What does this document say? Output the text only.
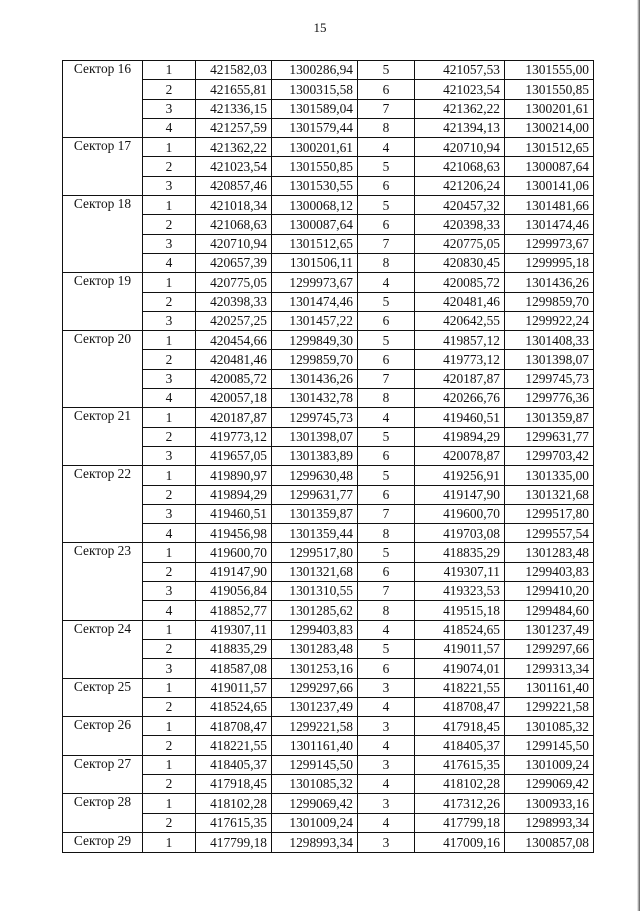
15
Сектор 16	1	421582,03	1300286,94	5	421057,53	1301555,00
	2	421655,81	1300315,58	6	421023,54	1301550,85
	3	421336,15	1301589,04	7	421362,22	1300201,61
	4	421257,59	1301579,44	8	421394,13	1300214,00
Сектор 17	1	421362,22	1300201,61	4	420710,94	1301512,65
	2	421023,54	1301550,85	5	421068,63	1300087,64
	3	420857,46	1301530,55	6	421206,24	1300141,06
Сектор 18	1	421018,34	1300068,12	5	420457,32	1301481,66
	2	421068,63	1300087,64	6	420398,33	1301474,46
	3	420710,94	1301512,65	7	420775,05	1299973,67
	4	420657,39	1301506,11	8	420830,45	1299995,18
Сектор 19	1	420775,05	1299973,67	4	420085,72	1301436,26
	2	420398,33	1301474,46	5	420481,46	1299859,70
	3	420257,25	1301457,22	6	420642,55	1299922,24
Сектор 20	1	420454,66	1299849,30	5	419857,12	1301408,33
	2	420481,46	1299859,70	6	419773,12	1301398,07
	3	420085,72	1301436,26	7	420187,87	1299745,73
	4	420057,18	1301432,78	8	420266,76	1299776,36
Сектор 21	1	420187,87	1299745,73	4	419460,51	1301359,87
	2	419773,12	1301398,07	5	419894,29	1299631,77
	3	419657,05	1301383,89	6	420078,87	1299703,42
Сектор 22	1	419890,97	1299630,48	5	419256,91	1301335,00
	2	419894,29	1299631,77	6	419147,90	1301321,68
	3	419460,51	1301359,87	7	419600,70	1299517,80
	4	419456,98	1301359,44	8	419703,08	1299557,54
Сектор 23	1	419600,70	1299517,80	5	418835,29	1301283,48
	2	419147,90	1301321,68	6	419307,11	1299403,83
	3	419056,84	1301310,55	7	419323,53	1299410,20
	4	418852,77	1301285,62	8	419515,18	1299484,60
Сектор 24	1	419307,11	1299403,83	4	418524,65	1301237,49
	2	418835,29	1301283,48	5	419011,57	1299297,66
	3	418587,08	1301253,16	6	419074,01	1299313,34
Сектор 25	1	419011,57	1299297,66	3	418221,55	1301161,40
	2	418524,65	1301237,49	4	418708,47	1299221,58
Сектор 26	1	418708,47	1299221,58	3	417918,45	1301085,32
	2	418221,55	1301161,40	4	418405,37	1299145,50
Сектор 27	1	418405,37	1299145,50	3	417615,35	1301009,24
	2	417918,45	1301085,32	4	418102,28	1299069,42
Сектор 28	1	418102,28	1299069,42	3	417312,26	1300933,16
	2	417615,35	1301009,24	4	417799,18	1298993,34
Сектор 29	1	417799,18	1298993,34	3	417009,16	1300857,08
